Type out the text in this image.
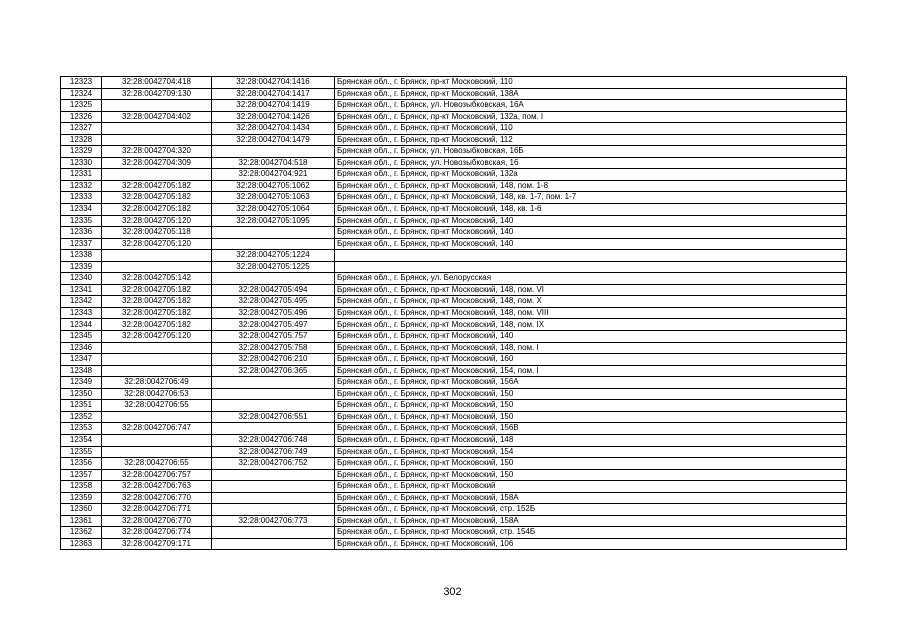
12323	32:28:0042704:418	32:28:0042704:1416	Брянская обл., г. Брянск, пр-кт Московский, 110
12324	32:28:0042709:130	32:28:0042704:1417	Брянская обл., г. Брянск, пр-кт Московский, 138А
12325		32:28:0042704:1419	Брянская обл., г. Брянск, ул. Новозыбковская, 16А
12326	32:28:0042704:402	32:28:0042704:1426	Брянская обл., г. Брянск, пр-кт Московский, 132а, пом. I
12327		32:28:0042704:1434	Брянская обл., г. Брянск, пр-кт Московский, 110
12328		32:28:0042704:1479	Брянская обл., г. Брянск, пр-кт Московский, 112
12329	32:28:0042704:320		Брянская обл., г. Брянск, ул. Новозыбковская, 16Б
12330	32:28:0042704:309	32:28:0042704:518	Брянская обл., г. Брянск, ул. Новозыбковская, 16
12331		32:28:0042704:921	Брянская обл., г. Брянск, пр-кт Московский, 132а
12332	32:28:0042705:182	32:28:0042705:1062	Брянская обл., г. Брянск, пр-кт Московский, 148, пом. 1-8
12333	32:28:0042705:182	32:28:0042705:1063	Брянская обл., г. Брянск, пр-кт Московский, 148, кв. 1-7, пом. 1-7
12334	32:28:0042705:182	32:28:0042705:1064	Брянская обл., г. Брянск, пр-кт Московский, 148, кв. 1-6
12335	32:28:0042705:120	32:28:0042705:1095	Брянская обл., г. Брянск, пр-кт Московский, 140
12336	32:28:0042705:118		Брянская обл., г. Брянск, пр-кт Московский, 140
12337	32:28:0042705:120		Брянская обл., г. Брянск, пр-кт Московский, 140
12338		32:28:0042705:1224	
12339		32:28:0042705:1225	
12340	32:28:0042705:142		Брянская обл., г. Брянск, ул. Белорусская
12341	32:28:0042705:182	32:28:0042705:494	Брянская обл., г. Брянск, пр-кт Московский, 148, пом. VI
12342	32:28:0042705:182	32:28:0042705:495	Брянская обл., г. Брянск, пр-кт Московский, 148, пом. X
12343	32:28:0042705:182	32:28:0042705:496	Брянская обл., г. Брянск, пр-кт Московский, 148, пом. VIII
12344	32:28:0042705:182	32:28:0042705:497	Брянская обл., г. Брянск, пр-кт Московский, 148, пом. IX
12345	32:28:0042705:120	32:28:0042705:757	Брянская обл., г. Брянск, пр-кт Московский, 140
12346		32:28:0042705:758	Брянская обл., г. Брянск, пр-кт Московский, 148, пом. I
12347		32:28:0042706:210	Брянская обл., г. Брянск, пр-кт Московский, 160
12348		32:28:0042706:365	Брянская обл., г. Брянск, пр-кт Московский, 154, пом. I
12349	32:28:0042706:49		Брянская обл., г. Брянск, пр-кт Московский, 156А
12350	32:28:0042706:53		Брянская обл., г. Брянск, пр-кт Московский, 150
12351	32:28:0042706:55		Брянская обл., г. Брянск, пр-кт Московский, 150
12352		32:28:0042706:551	Брянская обл., г. Брянск, пр-кт Московский, 150
12353	32:28:0042706:747		Брянская обл., г. Брянск, пр-кт Московский, 156В
12354		32:28:0042706:748	Брянская обл., г. Брянск, пр-кт Московский, 148
12355		32:28:0042706:749	Брянская обл., г. Брянск, пр-кт Московский, 154
12356	32:28:0042706:55	32:28:0042706:752	Брянская обл., г. Брянск, пр-кт Московский, 150
12357	32:28:0042706:757		Брянская обл., г. Брянск, пр-кт Московский, 150
12358	32:28:0042706:763		Брянская обл., г. Брянск, пр-кт Московский
12359	32:28:0042706:770		Брянская обл., г. Брянск, пр-кт Московский, 158А
12360	32:28:0042706:771		Брянская обл., г. Брянск, пр-кт Московский, стр. 152Б
12361	32:28:0042706:770	32:28:0042706:773	Брянская обл., г. Брянск, пр-кт Московский, 158А
12362	32:28:0042706:774		Брянская обл., г. Брянск, пр-кт Московский, стр. 154Б
12363	32:28:0042709:171		Брянская обл., г. Брянск, пр-кт Московский, 106
302
